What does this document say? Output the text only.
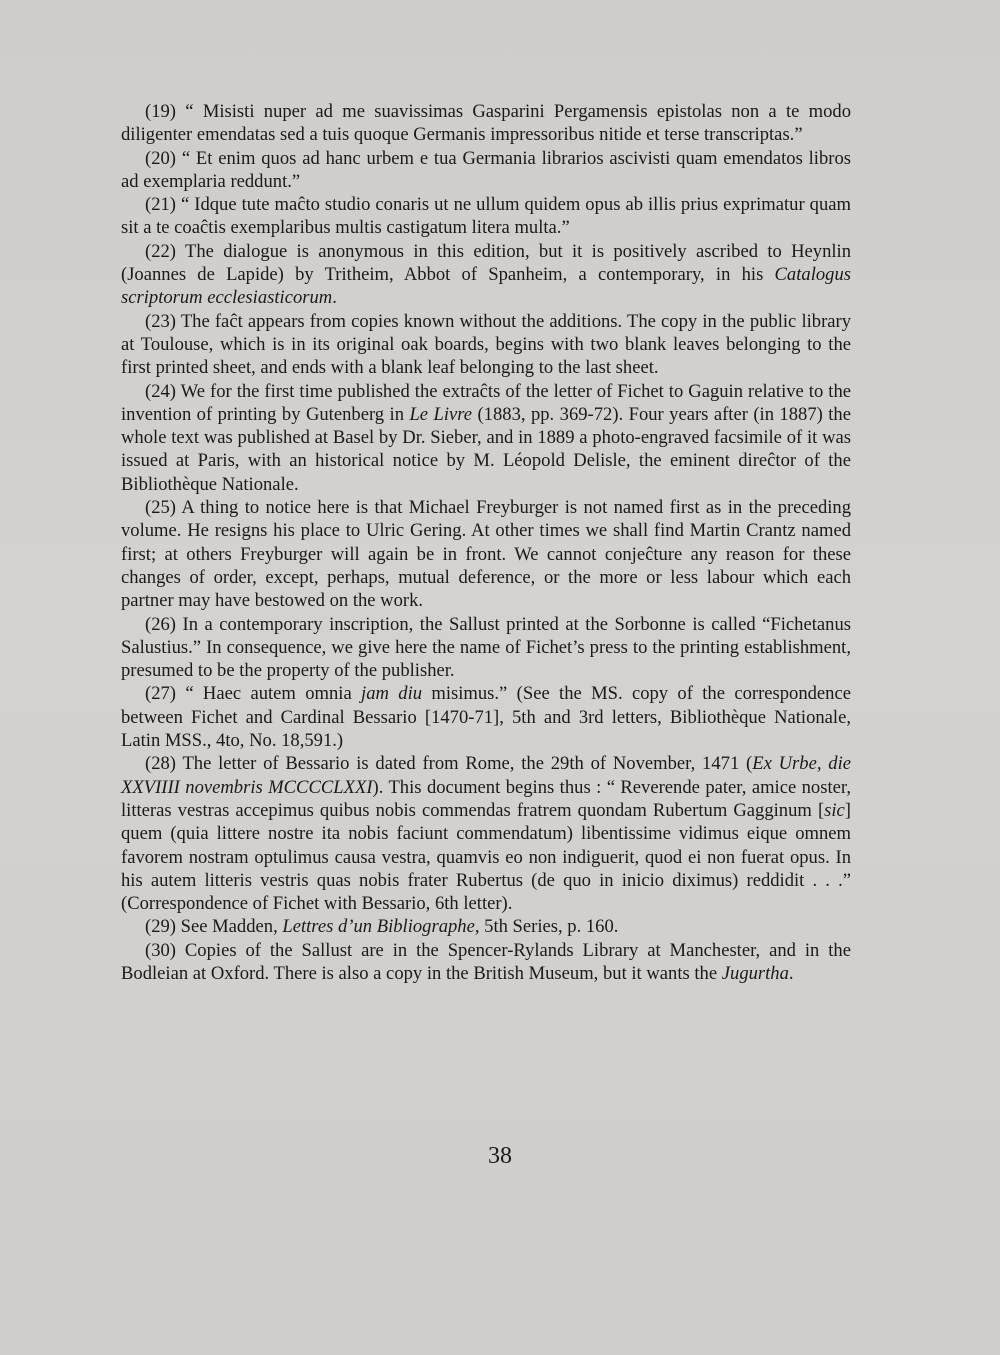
(19) “ Misisti nuper ad me suavissimas Gasparini Pergamensis epistolas non a te modo diligenter emendatas sed a tuis quoque Germanis impressoribus nitide et terse transcriptas.”

(20) “ Et enim quos ad hanc urbem e tua Germania librarios ascivisti quam emendatos libros ad exemplaria reddunt.”

(21) “ Idque tute maĉto studio conaris ut ne ullum quidem opus ab illis prius exprimatur quam sit a te coaĉtis exemplaribus multis castigatum litera multa.”

(22) The dialogue is anonymous in this edition, but it is positively ascribed to Heynlin (Joannes de Lapide) by Tritheim, Abbot of Spanheim, a contemporary, in his Catalogus scriptorum ecclesiasticorum.

(23) The faĉt appears from copies known without the additions. The copy in the public library at Toulouse, which is in its original oak boards, begins with two blank leaves belonging to the first printed sheet, and ends with a blank leaf belonging to the last sheet.

(24) We for the first time published the extraĉts of the letter of Fichet to Gaguin relative to the invention of printing by Gutenberg in Le Livre (1883, pp. 369-72). Four years after (in 1887) the whole text was published at Basel by Dr. Sieber, and in 1889 a photo-engraved facsimile of it was issued at Paris, with an historical notice by M. Léopold Delisle, the eminent direĉtor of the Bibliothèque Nationale.

(25) A thing to notice here is that Michael Freyburger is not named first as in the preceding volume. He resigns his place to Ulric Gering. At other times we shall find Martin Crantz named first; at others Freyburger will again be in front. We cannot conjeĉture any reason for these changes of order, except, perhaps, mutual deference, or the more or less labour which each partner may have bestowed on the work.

(26) In a contemporary inscription, the Sallust printed at the Sorbonne is called “Fichetanus Salustius.” In consequence, we give here the name of Fichet’s press to the printing establishment, presumed to be the property of the publisher.

(27) “ Haec autem omnia jam diu misimus.” (See the MS. copy of the correspondence between Fichet and Cardinal Bessario [1470-71], 5th and 3rd letters, Bibliothèque Nationale, Latin MSS., 4to, No. 18,591.)

(28) The letter of Bessario is dated from Rome, the 29th of November, 1471 (Ex Urbe, die XXVIIII novembris MCCCCLXXI). This document begins thus : “ Reverende pater, amice noster, litteras vestras accepimus quibus nobis commendas fratrem quondam Rubertum Gagginum [sic] quem (quia littere nostre ita nobis faciunt commendatum) libentissime vidimus eique omnem favorem nostram optulimus causa vestra, quamvis eo non indiguerit, quod ei non fuerat opus. In his autem litteris vestris quas nobis frater Rubertus (de quo in inicio diximus) reddidit . . .” (Correspondence of Fichet with Bessario, 6th letter).

(29) See Madden, Lettres d’un Bibliographe, 5th Series, p. 160.

(30) Copies of the Sallust are in the Spencer-Rylands Library at Manchester, and in the Bodleian at Oxford. There is also a copy in the British Museum, but it wants the Jugurtha.

38
